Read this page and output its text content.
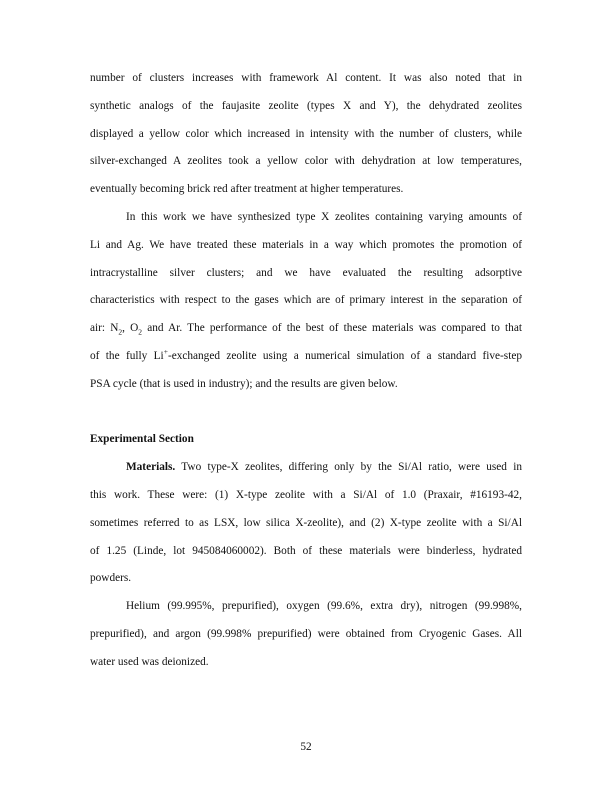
number of clusters increases with framework Al content. It was also noted that in
synthetic analogs of the faujasite zeolite (types X and Y), the dehydrated zeolites
displayed a yellow color which increased in intensity with the number of clusters, while
silver-exchanged A zeolites took a yellow color with dehydration at low temperatures,
eventually becoming brick red after treatment at higher temperatures.
In this work we have synthesized type X zeolites containing varying amounts of
Li and Ag. We have treated these materials in a way which promotes the promotion of
intracrystalline silver clusters; and we have evaluated the resulting adsorptive
characteristics with respect to the gases which are of primary interest in the separation of
air: $N_2$, $O_2$ and Ar. The performance of the best of these materials was compared to that
of the fully Li+-exchanged zeolite using a numerical simulation of a standard five-step
PSA cycle (that is used in industry); and the results are given below.
Experimental Section
Materials. Two type-X zeolites, differing only by the Si/Al ratio, were used in
this work. These were: (1) X-type zeolite with a Si/Al of 1.0 (Praxair, #16193-42,
sometimes referred to as LSX, low silica X-zeolite), and (2) X-type zeolite with a Si/Al
of 1.25 (Linde, lot 945084060002). Both of these materials were binderless, hydrated
powders.
Helium (99.995%, prepurified), oxygen (99.6%, extra dry), nitrogen (99.998%,
prepurified), and argon (99.998% prepurified) were obtained from Cryogenic Gases. All
water used was deionized.
52
